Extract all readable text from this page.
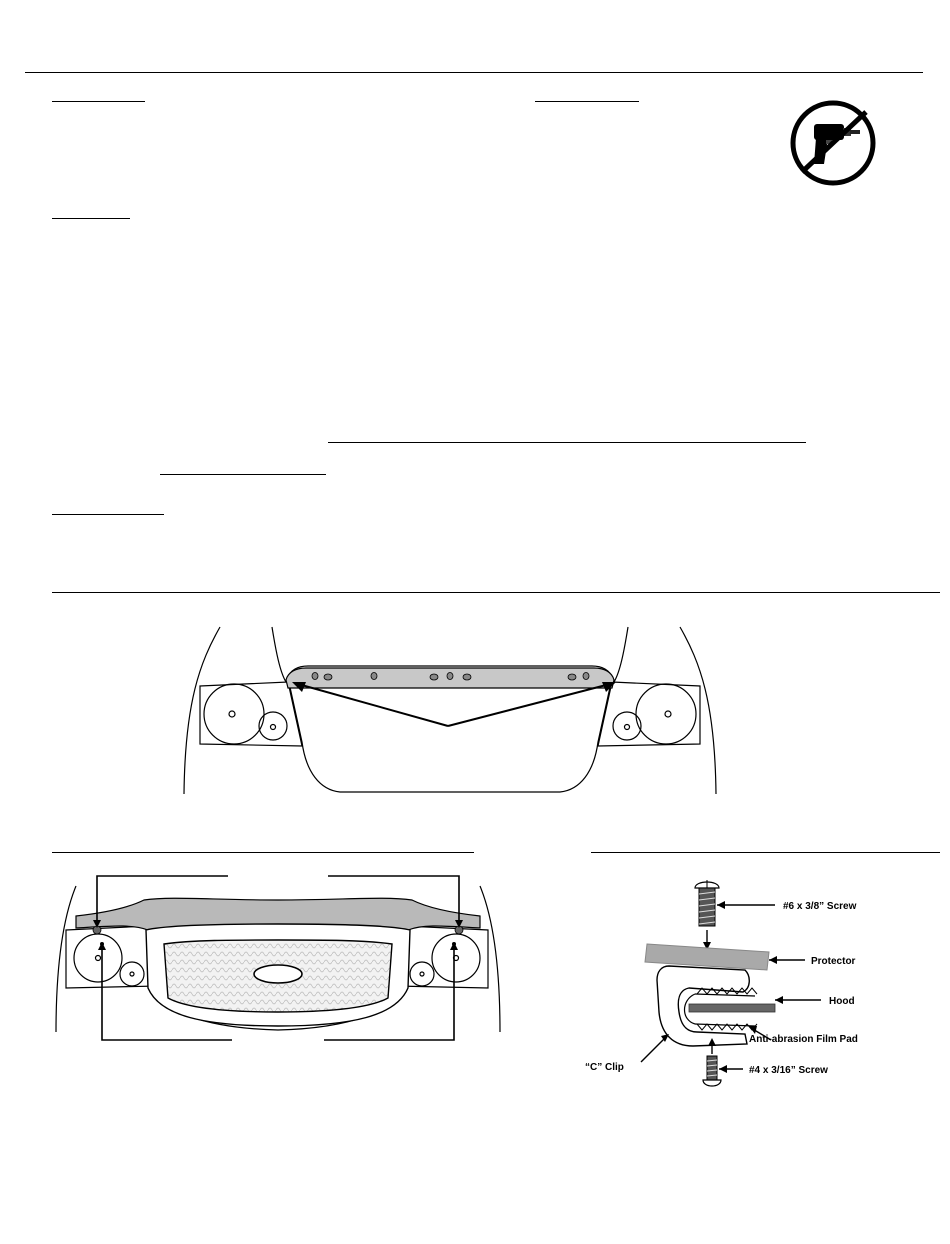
#6 x 3/8” Screw
Protector
Hood
Anti-abrasion Film Pad
“C” Clip	#4 x 3/16” Screw
